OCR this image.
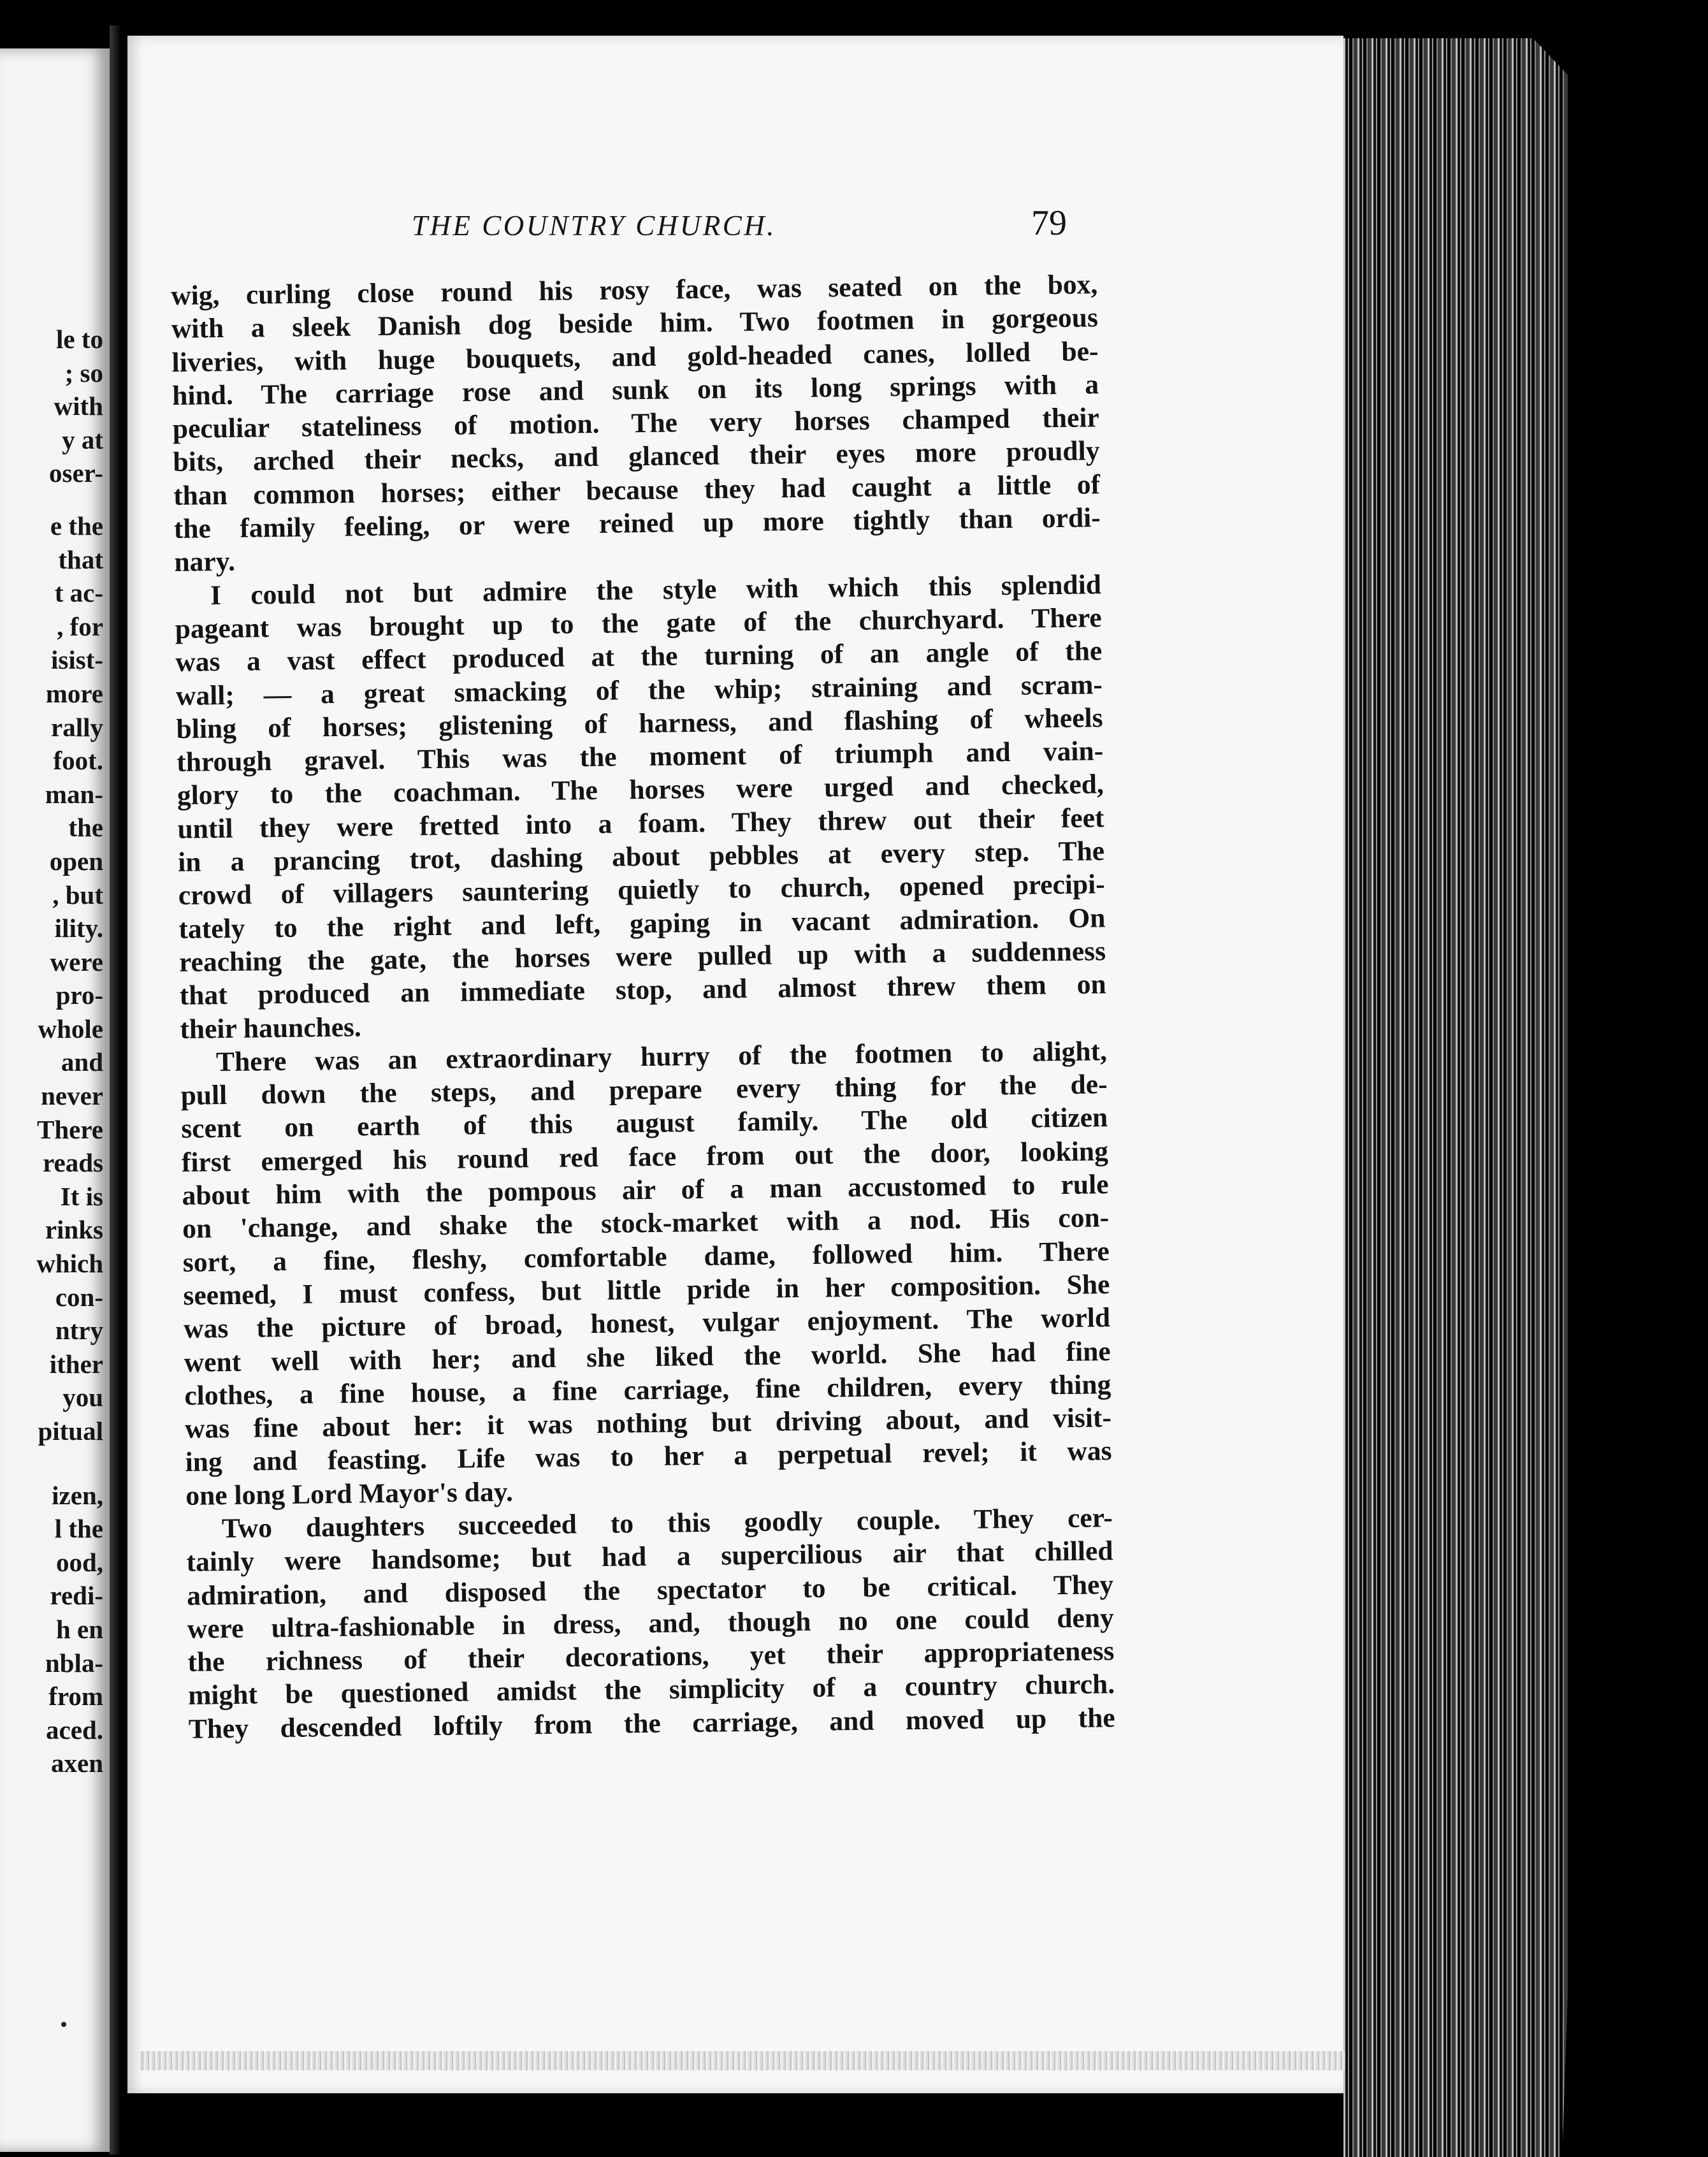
le to
; so
with
y at
oser-
e the
that
t ac-
, for
isist-
more
rally
foot.
man-
the
open
, but
ility.
were
pro-
whole
and
never
There
reads
It is
rinks
which
con-
ntry
ither
you
pitual
izen,
l the
ood,
redi-
h en
nbla-
from
aced.
axen
THE COUNTRY CHURCH.	79
wig, curling close round his rosy face, was seated on the box,
with a sleek Danish dog beside him. Two footmen in gorgeous
liveries, with huge bouquets, and gold-headed canes, lolled be-
hind. The carriage rose and sunk on its long springs with a
peculiar stateliness of motion. The very horses champed their
bits, arched their necks, and glanced their eyes more proudly
than common horses; either because they had caught a little of
the family feeling, or were reined up more tightly than ordi-
nary.
I could not but admire the style with which this splendid
pageant was brought up to the gate of the churchyard. There
was a vast effect produced at the turning of an angle of the
wall; — a great smacking of the whip; straining and scram-
bling of horses; glistening of harness, and flashing of wheels
through gravel. This was the moment of triumph and vain-
glory to the coachman. The horses were urged and checked,
until they were fretted into a foam. They threw out their feet
in a prancing trot, dashing about pebbles at every step. The
crowd of villagers sauntering quietly to church, opened precipi-
tately to the right and left, gaping in vacant admiration. On
reaching the gate, the horses were pulled up with a suddenness
that produced an immediate stop, and almost threw them on
their haunches.
There was an extraordinary hurry of the footmen to alight,
pull down the steps, and prepare every thing for the de-
scent on earth of this august family. The old citizen
first emerged his round red face from out the door, looking
about him with the pompous air of a man accustomed to rule
on 'change, and shake the stock-market with a nod. His con-
sort, a fine, fleshy, comfortable dame, followed him. There
seemed, I must confess, but little pride in her composition. She
was the picture of broad, honest, vulgar enjoyment. The world
went well with her; and she liked the world. She had fine
clothes, a fine house, a fine carriage, fine children, every thing
was fine about her: it was nothing but driving about, and visit-
ing and feasting. Life was to her a perpetual revel; it was
one long Lord Mayor's day.
Two daughters succeeded to this goodly couple. They cer-
tainly were handsome; but had a supercilious air that chilled
admiration, and disposed the spectator to be critical. They
were ultra-fashionable in dress, and, though no one could deny
the richness of their decorations, yet their appropriateness
might be questioned amidst the simplicity of a country church.
They descended loftily from the carriage, and moved up the
